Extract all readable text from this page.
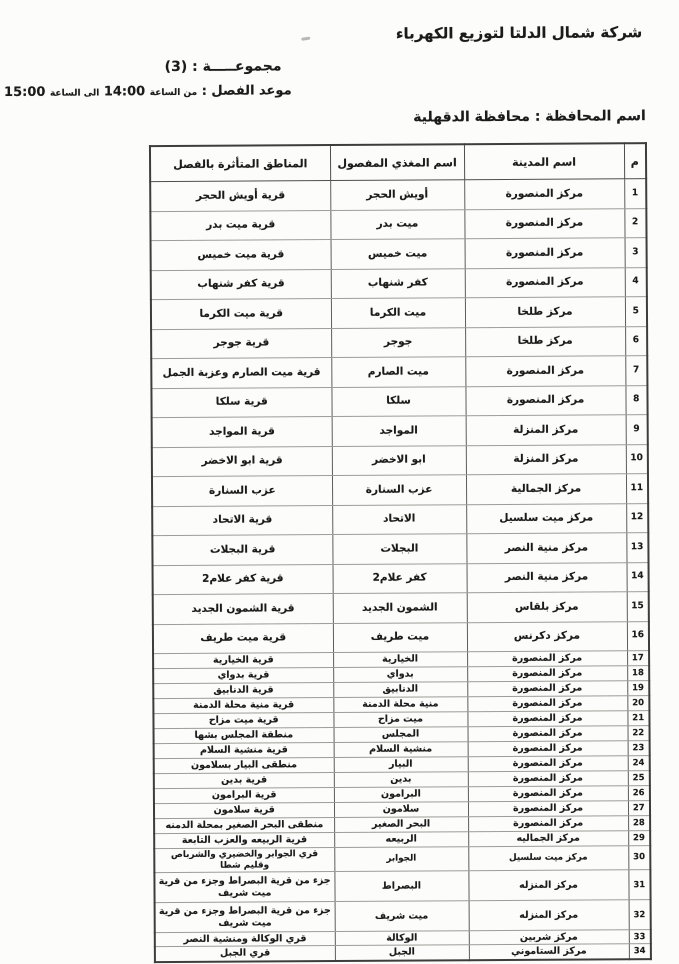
شركة شمال الدلتا لتوزيع الكهرباء
مجموعـــــة : (3)
موعد الفصل : من الساعة 14:00 الى الساعة 15:00
اسم المحافظة : محافظة الدقهلية
م	اسم المدينة	اسم المغذي المفصول	المناطق المتأثرة بالفصل
1	مركز المنصورة	أويش الحجر	قرية أويش الحجر
2	مركز المنصورة	ميت بدر	قرية ميت بدر
3	مركز المنصورة	ميت خميس	قرية ميت خميس
4	مركز المنصورة	كفر شنهاب	قرية كفر شنهاب
5	مركز طلخا	ميت الكرما	قرية ميت الكرما
6	مركز طلخا	جوجر	قرية جوجر
7	مركز المنصورة	ميت الصارم	قرية ميت الصارم وعزبة الجمل
8	مركز المنصورة	سلكا	قرية سلكا
9	مركز المنزلة	المواجد	قرية المواجد
10	مركز المنزلة	ابو الاخضر	قرية ابو الاخضر
11	مركز الجمالية	عزب السنارة	عزب السنارة
12	مركز ميت سلسيل	الاتحاد	قرية الاتحاد
13	مركز منية النصر	البجلات	قرية البجلات
14	مركز منية النصر	كفر علام2	قرية كفر علام2
15	مركز بلقاس	الشمون الجديد	قرية الشمون الجديد
16	مركز دكرنس	ميت طريف	قرية ميت طريف
17	مركز المنصورة	الخيارية	قرية الخيارية
18	مركز المنصورة	بدواي	قرية بدواي
19	مركز المنصورة	الدنابيق	قرية الدنابيق
20	مركز المنصورة	منية محلة الدمنة	قرية منية محلة الدمنة
21	مركز المنصورة	ميت مزاح	قرية ميت مزاح
22	مركز المنصورة	المجلس	منطقة المجلس بشها
23	مركز المنصورة	منشية السلام	قرية منشية السلام
24	مركز المنصورة	البيار	منطقى البيار بسلامون
25	مركز المنصورة	بدين	قرية بدين
26	مركز المنصورة	البرامون	قرية البرامون
27	مركز المنصورة	سلامون	قرية سلامون
28	مركز المنصورة	البحر الصغير	منطقى البحر الصغير بمحلة الدمنه
29	مركز الجماليه	الربيعه	قرية الربيعه والعزب التابعة
30	مركز ميت سلسيل	الجوابر	قري الجوابر والخضيري والشرباص وقليم شطا
31	مركز المنزله	البصراط	جزء من قرية البصراط وجزء من قرية ميت شريف
32	مركز المنزله	ميت شريف	جزء من قرية البصراط وجزء من قرية ميت شريف
33	مركز شربين	الوكالة	قري الوكالة ومنشية النصر
34	مركز الستاموني	الجبل	قري الجبل
